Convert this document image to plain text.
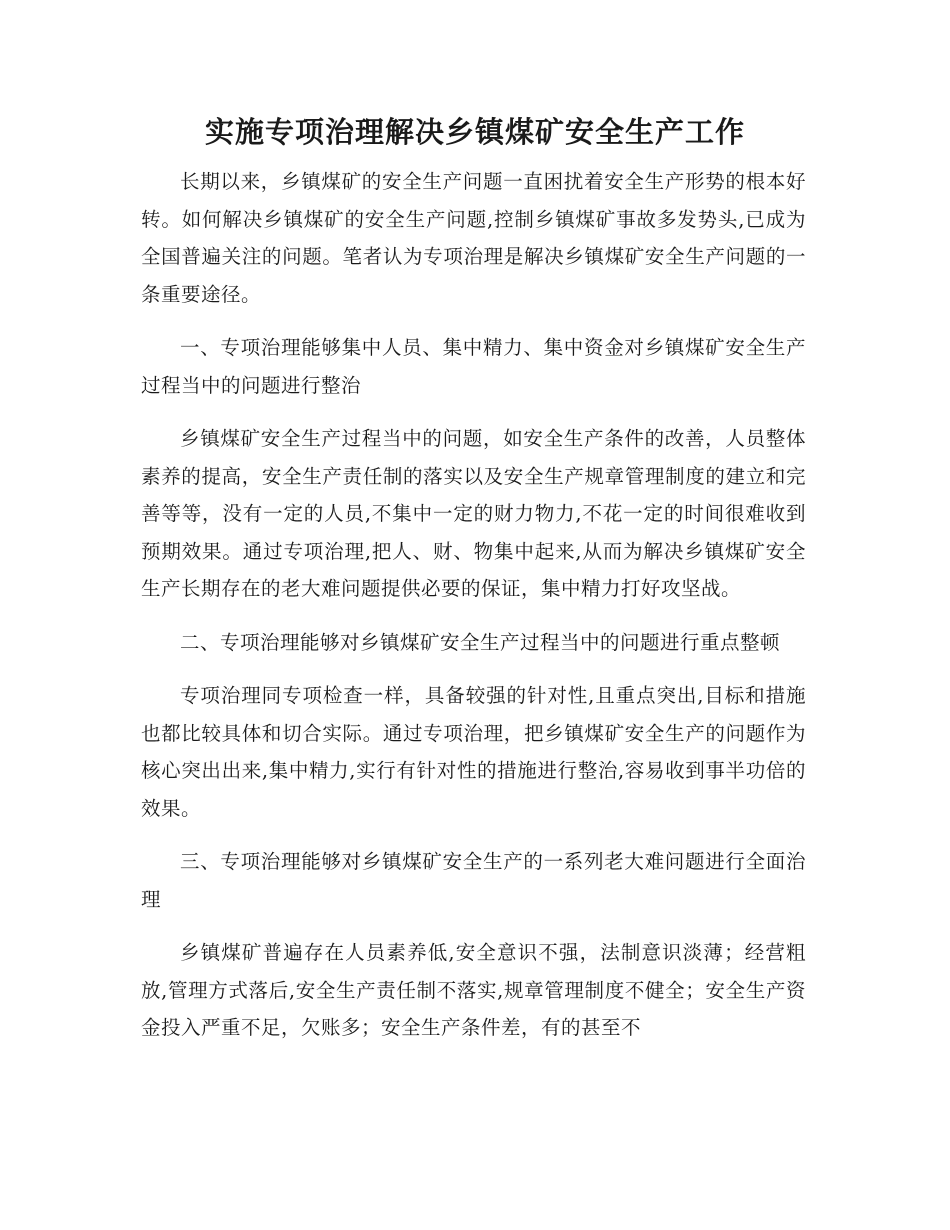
实施专项治理解决乡镇煤矿安全生产工作

长期以来，乡镇煤矿的安全生产问题一直困扰着安全生产形势的根本好转。如何解决乡镇煤矿的安全生产问题,控制乡镇煤矿事故多发势头,已成为全国普遍关注的问题。笔者认为专项治理是解决乡镇煤矿安全生产问题的一条重要途径。

一、专项治理能够集中人员、集中精力、集中资金对乡镇煤矿安全生产过程当中的问题进行整治

乡镇煤矿安全生产过程当中的问题，如安全生产条件的改善，人员整体素养的提高，安全生产责任制的落实以及安全生产规章管理制度的建立和完善等等，没有一定的人员,不集中一定的财力物力,不花一定的时间很难收到预期效果。通过专项治理,把人、财、物集中起来,从而为解决乡镇煤矿安全生产长期存在的老大难问题提供必要的保证，集中精力打好攻坚战。

二、专项治理能够对乡镇煤矿安全生产过程当中的问题进行重点整顿

专项治理同专项检查一样，具备较强的针对性,且重点突出,目标和措施也都比较具体和切合实际。通过专项治理，把乡镇煤矿安全生产的问题作为核心突出出来,集中精力,实行有针对性的措施进行整治,容易收到事半功倍的效果。

三、专项治理能够对乡镇煤矿安全生产的一系列老大难问题进行全面治理

乡镇煤矿普遍存在人员素养低,安全意识不强，法制意识淡薄；经营粗放,管理方式落后,安全生产责任制不落实,规章管理制度不健全；安全生产资金投入严重不足，欠账多；安全生产条件差，有的甚至不
